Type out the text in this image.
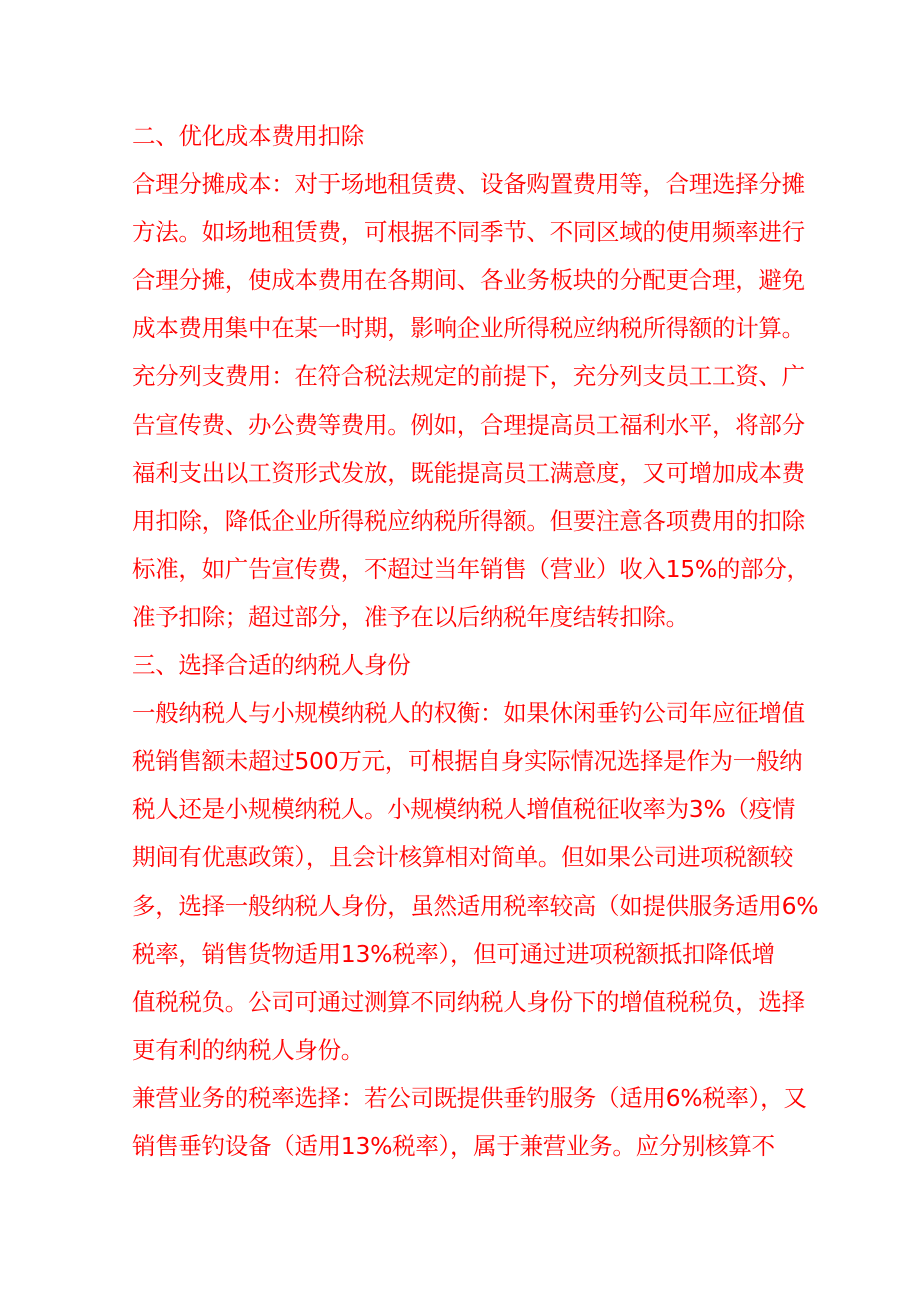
二、优化成本费用扣除
合理分摊成本：对于场地租赁费、设备购置费用等，合理选择分摊
方法。如场地租赁费，可根据不同季节、不同区域的使用频率进行
合理分摊，使成本费用在各期间、各业务板块的分配更合理，避免
成本费用集中在某一时期，影响企业所得税应纳税所得额的计算。
充分列支费用：在符合税法规定的前提下，充分列支员工工资、广
告宣传费、办公费等费用。例如，合理提高员工福利水平，将部分
福利支出以工资形式发放，既能提高员工满意度，又可增加成本费
用扣除，降低企业所得税应纳税所得额。但要注意各项费用的扣除
标准，如广告宣传费，不超过当年销售（营业）收入15%的部分，
准予扣除；超过部分，准予在以后纳税年度结转扣除。
三、选择合适的纳税人身份
一般纳税人与小规模纳税人的权衡：如果休闲垂钓公司年应征增值
税销售额未超过500万元，可根据自身实际情况选择是作为一般纳
税人还是小规模纳税人。小规模纳税人增值税征收率为3%（疫情
期间有优惠政策），且会计核算相对简单。但如果公司进项税额较
多，选择一般纳税人身份，虽然适用税率较高（如提供服务适用6%
税率，销售货物适用13%税率），但可通过进项税额抵扣降低增
值税税负。公司可通过测算不同纳税人身份下的增值税税负，选择
更有利的纳税人身份。
兼营业务的税率选择：若公司既提供垂钓服务（适用6%税率），又
销售垂钓设备（适用13%税率），属于兼营业务。应分别核算不
